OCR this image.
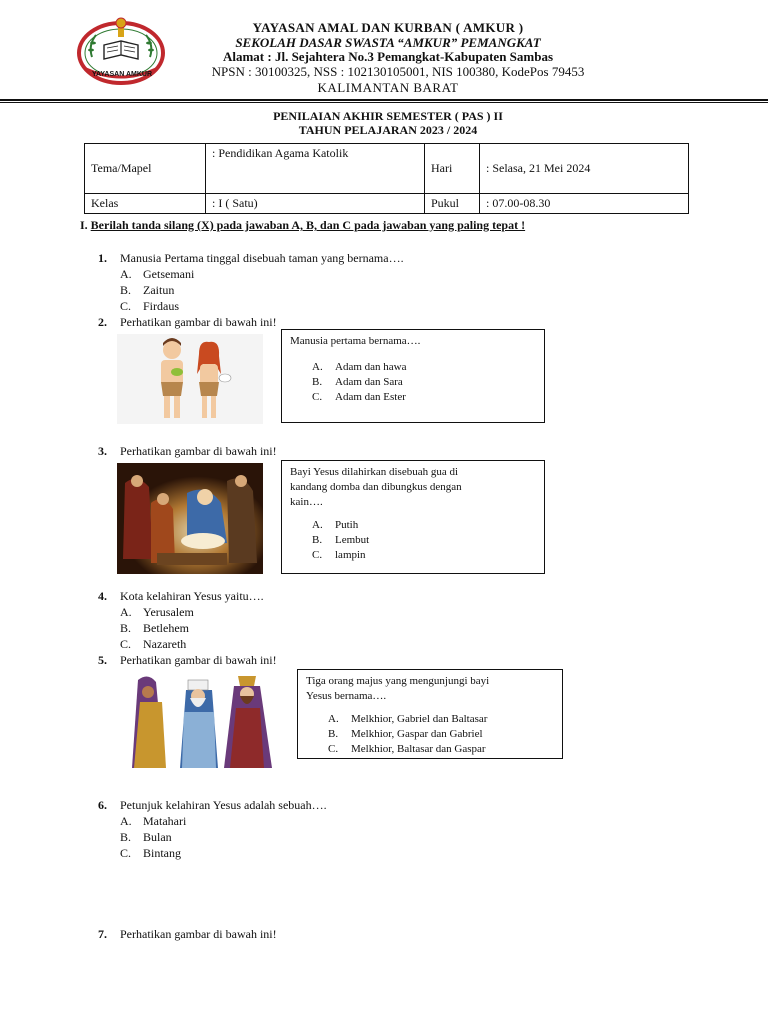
YAYASAN AMKUR
YAYASAN AMAL DAN KURBAN ( AMKUR )
SEKOLAH DASAR SWASTA “AMKUR” PEMANGKAT
Alamat : Jl. Sejahtera No.3 Pemangkat-Kabupaten Sambas
NPSN : 30100325, NSS : 102130105001, NIS 100380, KodePos 79453
KALIMANTAN BARAT
PENILAIAN AKHIR SEMESTER ( PAS ) II
TAHUN PELAJARAN 2023 / 2024
Tema/Mapel	: Pendidikan Agama Katolik	Hari	: Selasa, 21 Mei 2024
Kelas	: I ( Satu)	Pukul	: 07.00-08.30
I. Berilah tanda silang (X) pada jawaban A, B, dan C pada jawaban yang paling tepat !
1. Manusia Pertama tinggal disebuah taman yang bernama….
A. Getsemani
B. Zaitun
C. Firdaus
2. Perhatikan gambar di bawah ini!
Manusia pertama bernama….
A. Adam dan hawa
B. Adam dan Sara
C. Adam dan Ester
3. Perhatikan gambar di bawah ini!
Bayi Yesus dilahirkan disebuah gua di
kandang domba dan dibungkus dengan
kain….
A. Putih
B. Lembut
C. lampin
4. Kota kelahiran Yesus yaitu….
A. Yerusalem
B. Betlehem
C. Nazareth
5. Perhatikan gambar di bawah ini!
Tiga orang majus yang mengunjungi bayi
Yesus bernama….
A. Melkhior, Gabriel dan Baltasar
B. Melkhior, Gaspar dan Gabriel
C. Melkhior, Baltasar dan Gaspar
6. Petunjuk kelahiran Yesus adalah sebuah….
A. Matahari
B. Bulan
C. Bintang
7. Perhatikan gambar di bawah ini!
